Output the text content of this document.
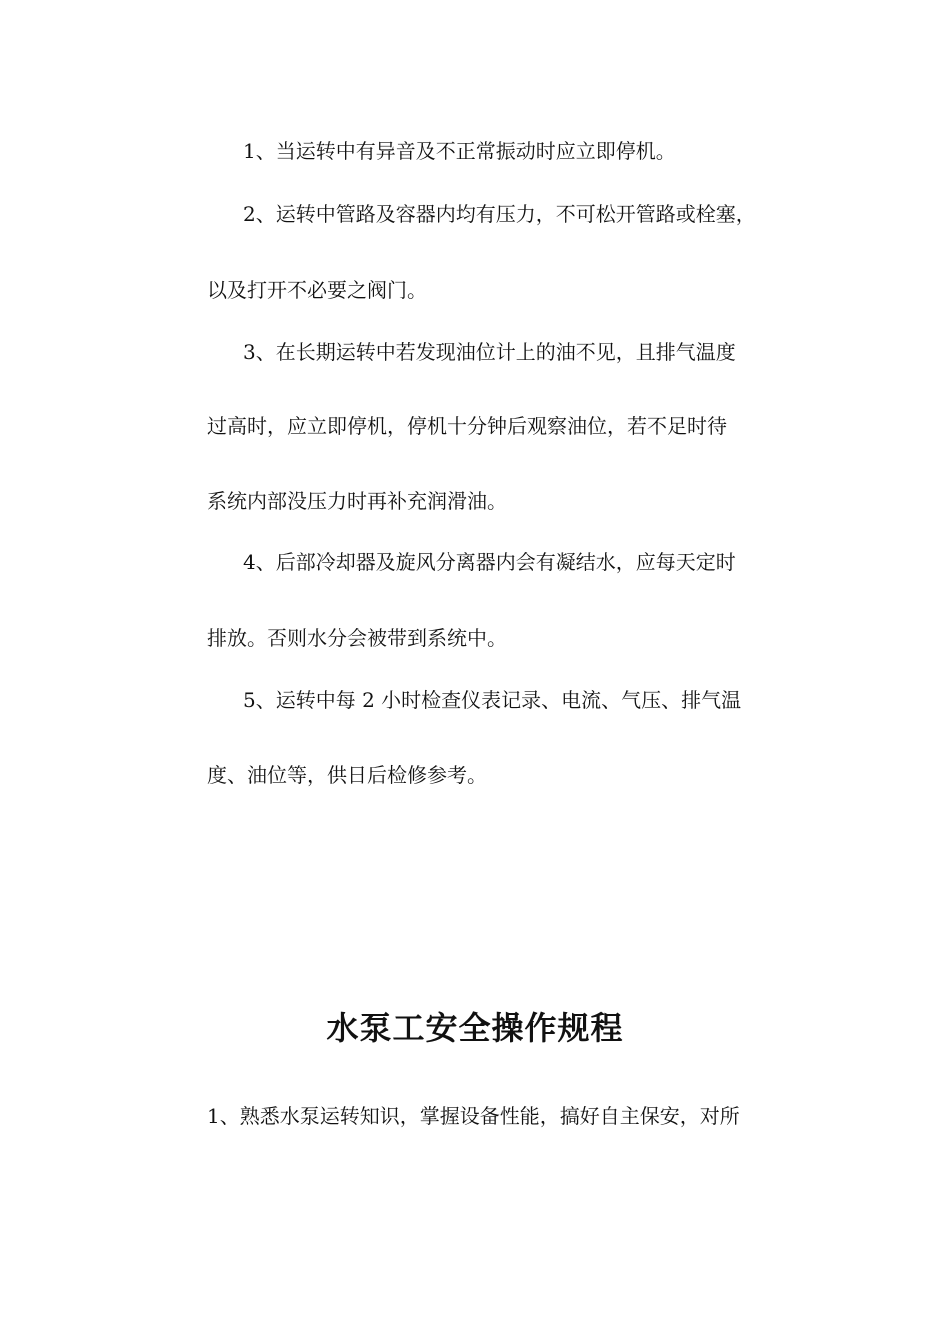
1、当运转中有异音及不正常振动时应立即停机。
2、运转中管路及容器内均有压力，不可松开管路或栓塞，
以及打开不必要之阀门。
3、在长期运转中若发现油位计上的油不见，且排气温度
过高时，应立即停机，停机十分钟后观察油位，若不足时待
系统内部没压力时再补充润滑油。
4、后部冷却器及旋风分离器内会有凝结水，应每天定时
排放。否则水分会被带到系统中。
5、运转中每 2 小时检查仪表记录、电流、气压、排气温
度、油位等，供日后检修参考。
水泵工安全操作规程
1、熟悉水泵运转知识，掌握设备性能，搞好自主保安，对所
